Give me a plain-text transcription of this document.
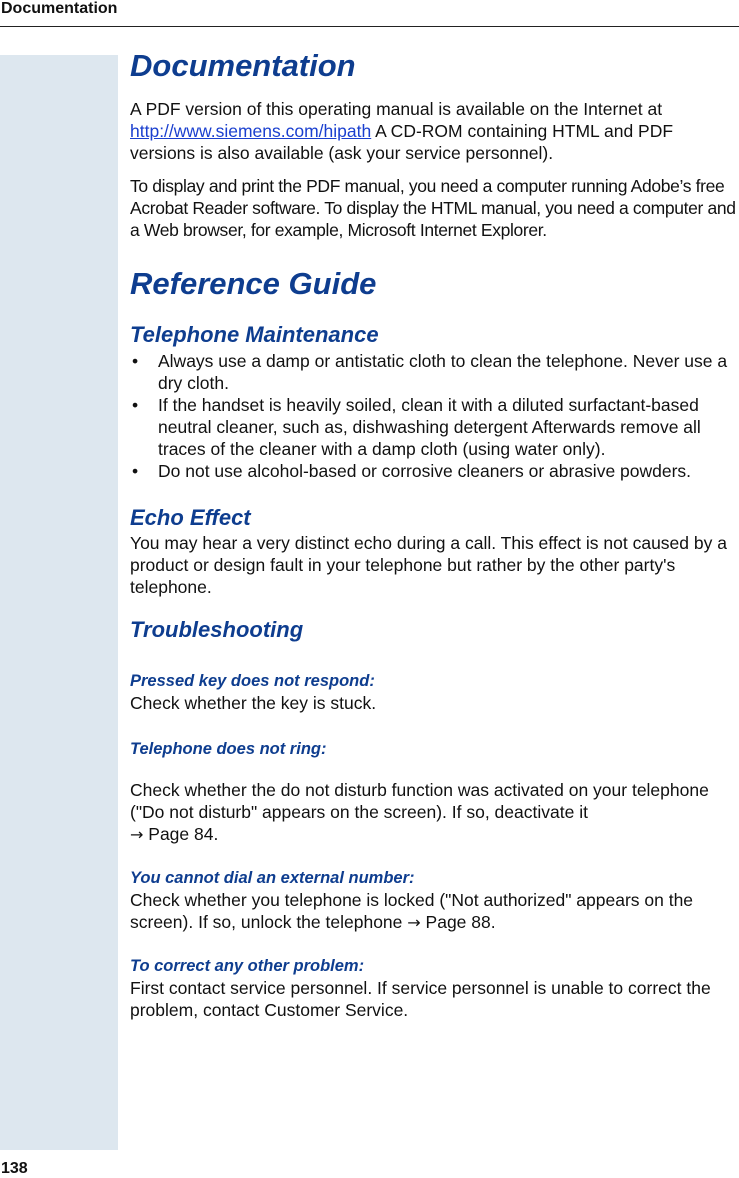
Documentation
138
Documentation

A PDF version of this operating manual is available on the Internet at http://www.siemens.com/hipath A CD-ROM containing HTML and PDF versions is also available (ask your service personnel).

To display and print the PDF manual, you need a computer running Adobe’s free Acrobat Reader software. To display the HTML manual, you need a computer and a Web browser, for example, Microsoft Internet Explorer.

Reference Guide
Telephone Maintenance
• Always use a damp or antistatic cloth to clean the telephone. Never use a dry cloth.
• If the handset is heavily soiled, clean it with a diluted surfactant-based neutral cleaner, such as, dishwashing detergent Afterwards remove all traces of the cleaner with a damp cloth (using water only).
• Do not use alcohol-based or corrosive cleaners or abrasive powders.
Echo Effect

You may hear a very distinct echo during a call. This effect is not caused by a product or design fault in your telephone but rather by the other party's telephone.

Troubleshooting
Pressed key does not respond:

Check whether the key is stuck.

Telephone does not ring:

Check whether the do not disturb function was activated on your telephone ("Do not disturb" appears on the screen). If so, deactivate it
→ Page 84.

You cannot dial an external number:

Check whether you telephone is locked ("Not authorized" appears on the screen). If so, unlock the telephone → Page 88.

To correct any other problem:

First contact service personnel. If service personnel is unable to correct the problem, contact Customer Service.
